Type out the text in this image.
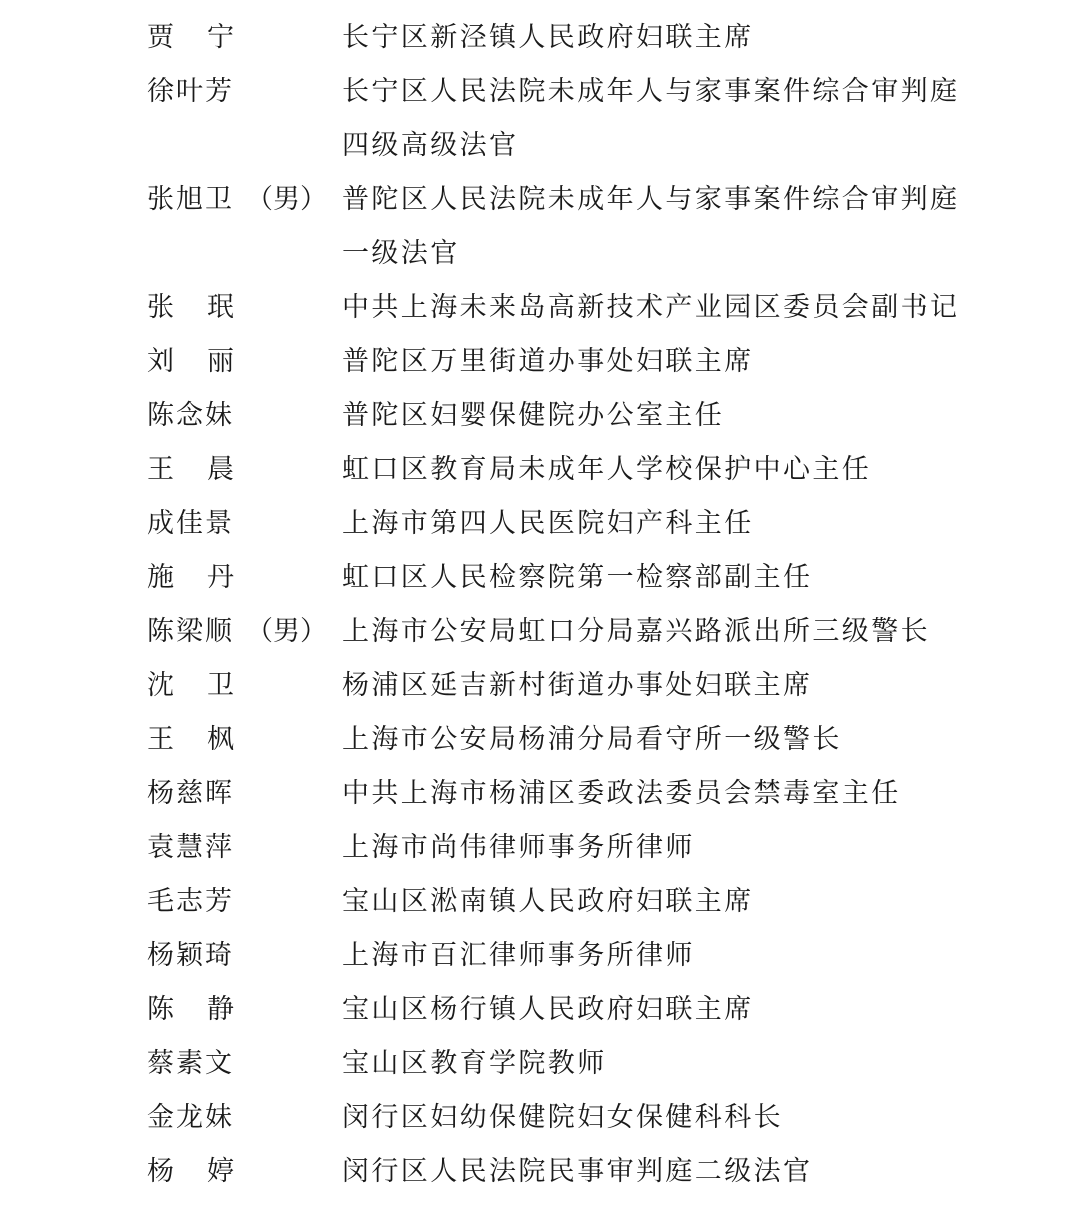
贾 宁	长宁区新泾镇人民政府妇联主席
徐叶芳	长宁区人民法院未成年人与家事案件综合审判庭
四级高级法官
张旭卫 （男） 普陀区人民法院未成年人与家事案件综合审判庭
一级法官
张 珉	中共上海未来岛高新技术产业园区委员会副书记
刘 丽	普陀区万里街道办事处妇联主席
陈念妹	普陀区妇婴保健院办公室主任
王 晨	虹口区教育局未成年人学校保护中心主任
成佳景	上海市第四人民医院妇产科主任
施 丹	虹口区人民检察院第一检察部副主任
陈梁顺 （男） 上海市公安局虹口分局嘉兴路派出所三级警长
沈 卫	杨浦区延吉新村街道办事处妇联主席
王 枫	上海市公安局杨浦分局看守所一级警长
杨慈晖	中共上海市杨浦区委政法委员会禁毒室主任
袁慧萍	上海市尚伟律师事务所律师
毛志芳	宝山区淞南镇人民政府妇联主席
杨颖琦	上海市百汇律师事务所律师
陈 静	宝山区杨行镇人民政府妇联主席
蔡素文	宝山区教育学院教师
金龙妹	闵行区妇幼保健院妇女保健科科长
杨 婷	闵行区人民法院民事审判庭二级法官
